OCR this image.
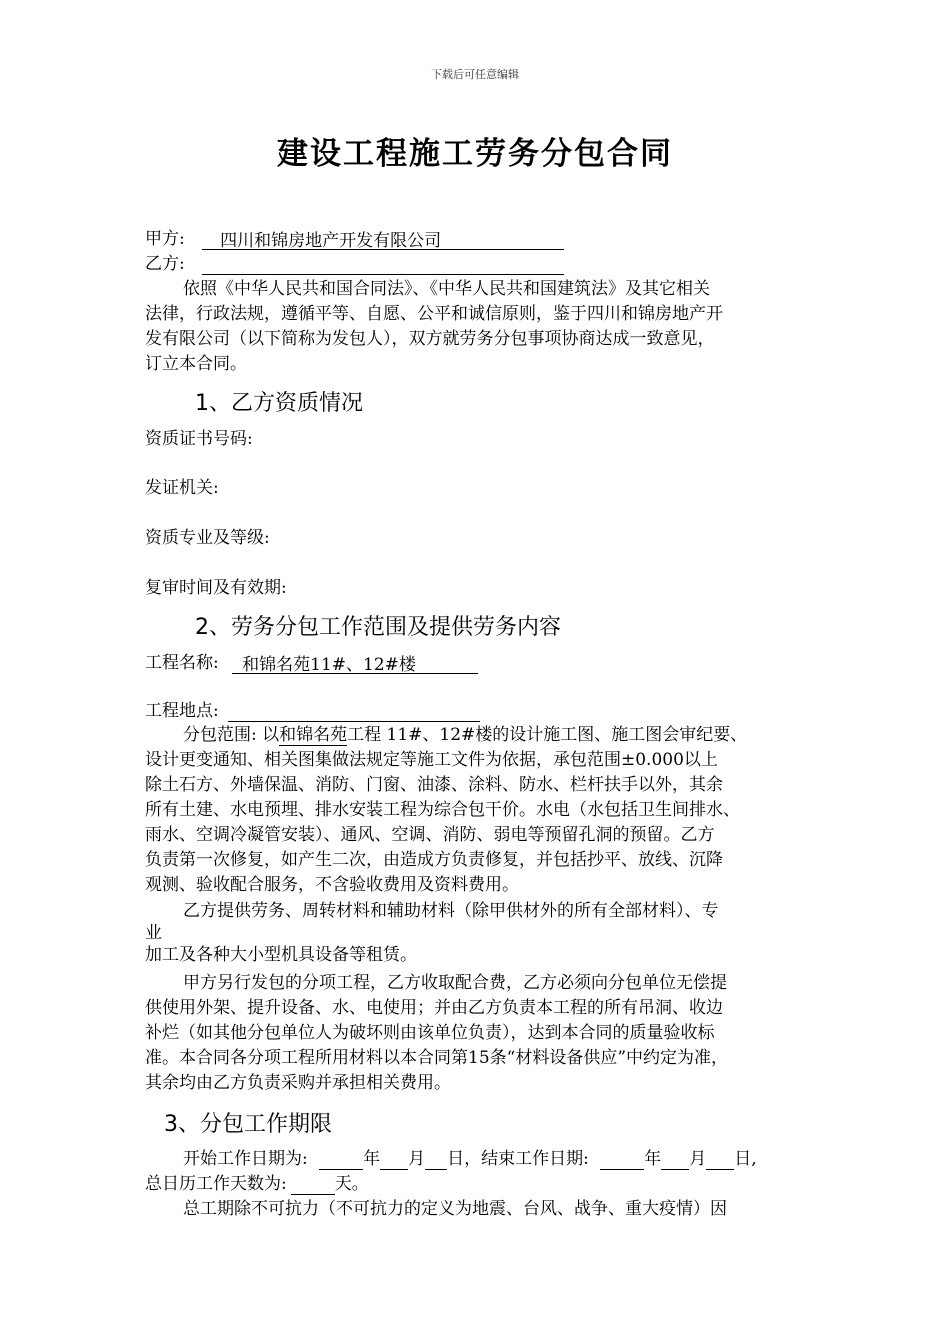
下载后可任意编辑
建设工程施工劳务分包合同
甲方: 四川和锦房地产开发有限公司
乙方:
依照《中华人民共和国合同法》、《中华人民共和国建筑法》及其它相关
法律，行政法规，遵循平等、自愿、公平和诚信原则，鉴于四川和锦房地产开
发有限公司（以下简称为发包人），双方就劳务分包事项协商达成一致意见，
订立本合同。
1、乙方资质情况
资质证书号码:
发证机关:
资质专业及等级:
复审时间及有效期:
2、劳务分包工作范围及提供劳务内容
工程名称: 和锦名苑11#、12#楼
工程地点:
分包范围: 以和锦名苑工程 11#、12#楼的设计施工图、施工图会审纪要、
设计更变通知、相关图集做法规定等施工文件为依据，承包范围±0.000以上
除土石方、外墙保温、消防、门窗、油漆、涂料、防水、栏杆扶手以外，其余
所有土建、水电预埋、排水安装工程为综合包干价。水电（水包括卫生间排水、
雨水、空调冷凝管安装）、通风、空调、消防、弱电等预留孔洞的预留。乙方
负责第一次修复，如产生二次，由造成方负责修复，并包括抄平、放线、沉降
观测、验收配合服务，不含验收费用及资料费用。
乙方提供劳务、周转材料和辅助材料（除甲供材外的所有全部材料）、专
业
加工及各种大小型机具设备等租赁。
甲方另行发包的分项工程，乙方收取配合费，乙方必须向分包单位无偿提
供使用外架、提升设备、水、电使用；并由乙方负责本工程的所有吊洞、收边
补烂（如其他分包单位人为破坏则由该单位负责），达到本合同的质量验收标
准。本合同各分项工程所用材料以本合同第15条“材料设备供应”中约定为准，
其余均由乙方负责采购并承担相关费用。
3、分包工作期限
开始工作日期为:	年 月 日，结束工作日期:	年 月 日,
总日历工作天数为:	天。
总工期除不可抗力（不可抗力的定义为地震、台风、战争、重大疫情）因
